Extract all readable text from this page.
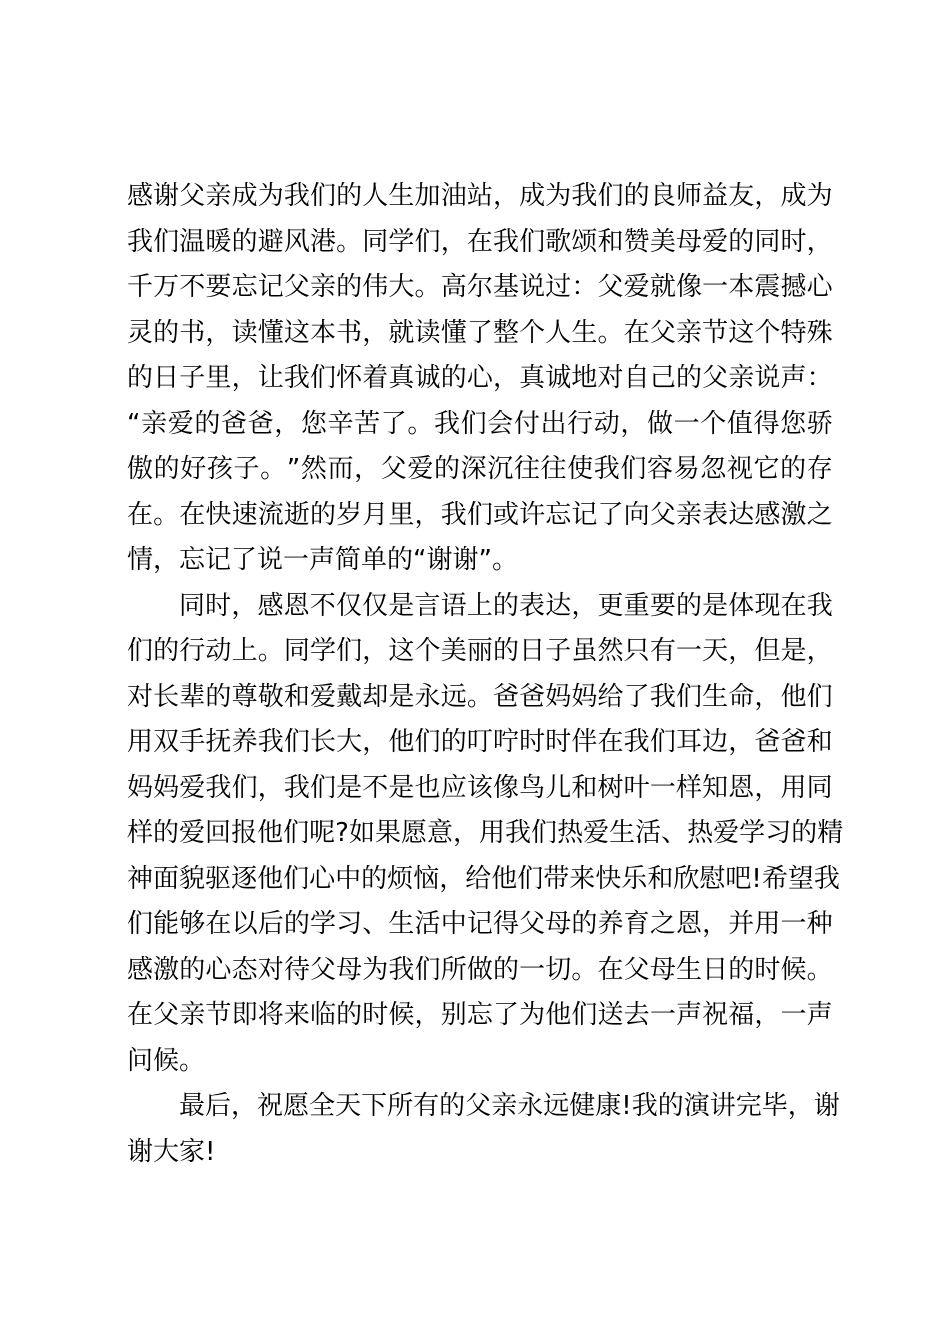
感 谢 父 亲 成 为 我 们 的 人 生 加 油 站 ， 成 为 我 们 的 良 师 益 友 ， 成 为
我 们 温 暖 的 避 风 港 。 同 学 们 ， 在 我 们 歌 颂 和 赞 美 母 爱 的 同 时 ，
千 万 不 要 忘 记 父 亲 的 伟 大 。 高 尔 基 说 过 ： 父 爱 就 像 一 本 震 撼 心
灵 的 书 ， 读 懂 这 本 书 ， 就 读 懂 了 整 个 人 生 。 在 父 亲 节 这 个 特 殊
的 日 子 里 ， 让 我 们 怀 着 真 诚 的 心 ， 真 诚 地 对 自 己 的 父 亲 说 声 ：
“ 亲 爱 的 爸 爸 ， 您 辛 苦 了 。 我 们 会 付 出 行 动 ， 做 一 个 值 得 您 骄
傲 的 好 孩 子 。 ” 然 而 ， 父 爱 的 深 沉 往 往 使 我 们 容 易 忽 视 它 的 存
在 。 在 快 速 流 逝 的 岁 月 里 ， 我 们 或 许 忘 记 了 向 父 亲 表 达 感 激 之
情，忘记了说一声简单的“谢谢”。
同 时 ， 感 恩 不 仅 仅 是 言 语 上 的 表 达 ， 更 重 要 的 是 体 现 在 我
们 的 行 动 上 。 同 学 们 ， 这 个 美 丽 的 日 子 虽 然 只 有 一 天 ， 但 是 ，
对 长 辈 的 尊 敬 和 爱 戴 却 是 永 远 。 爸 爸 妈 妈 给 了 我 们 生 命 ， 他 们
用 双 手 抚 养 我 们 长 大 ， 他 们 的 叮 咛 时 时 伴 在 我 们 耳 边 ， 爸 爸 和
妈 妈 爱 我 们 ， 我 们 是 不 是 也 应 该 像 鸟 儿 和 树 叶 一 样 知 恩 ， 用 同
样 的 爱 回 报 他 们 呢 ? 如 果 愿 意 ， 用 我 们 热 爱 生 活 、 热 爱 学 习 的 精
神 面 貌 驱 逐 他 们 心 中 的 烦 恼 ， 给 他 们 带 来 快 乐 和 欣 慰 吧 ! 希 望 我
们 能 够 在 以 后 的 学 习 、 生 活 中 记 得 父 母 的 养 育 之 恩 ， 并 用 一 种
感 激 的 心 态 对 待 父 母 为 我 们 所 做 的 一 切 。 在 父 母 生 日 的 时 候 。
在 父 亲 节 即 将 来 临 的 时 候 ， 别 忘 了 为 他 们 送 去 一 声 祝 福 ， 一 声
问候。
最 后 ， 祝 愿 全 天 下 所 有 的 父 亲 永 远 健 康 ! 我 的 演 讲 完 毕 ， 谢
谢大家!
